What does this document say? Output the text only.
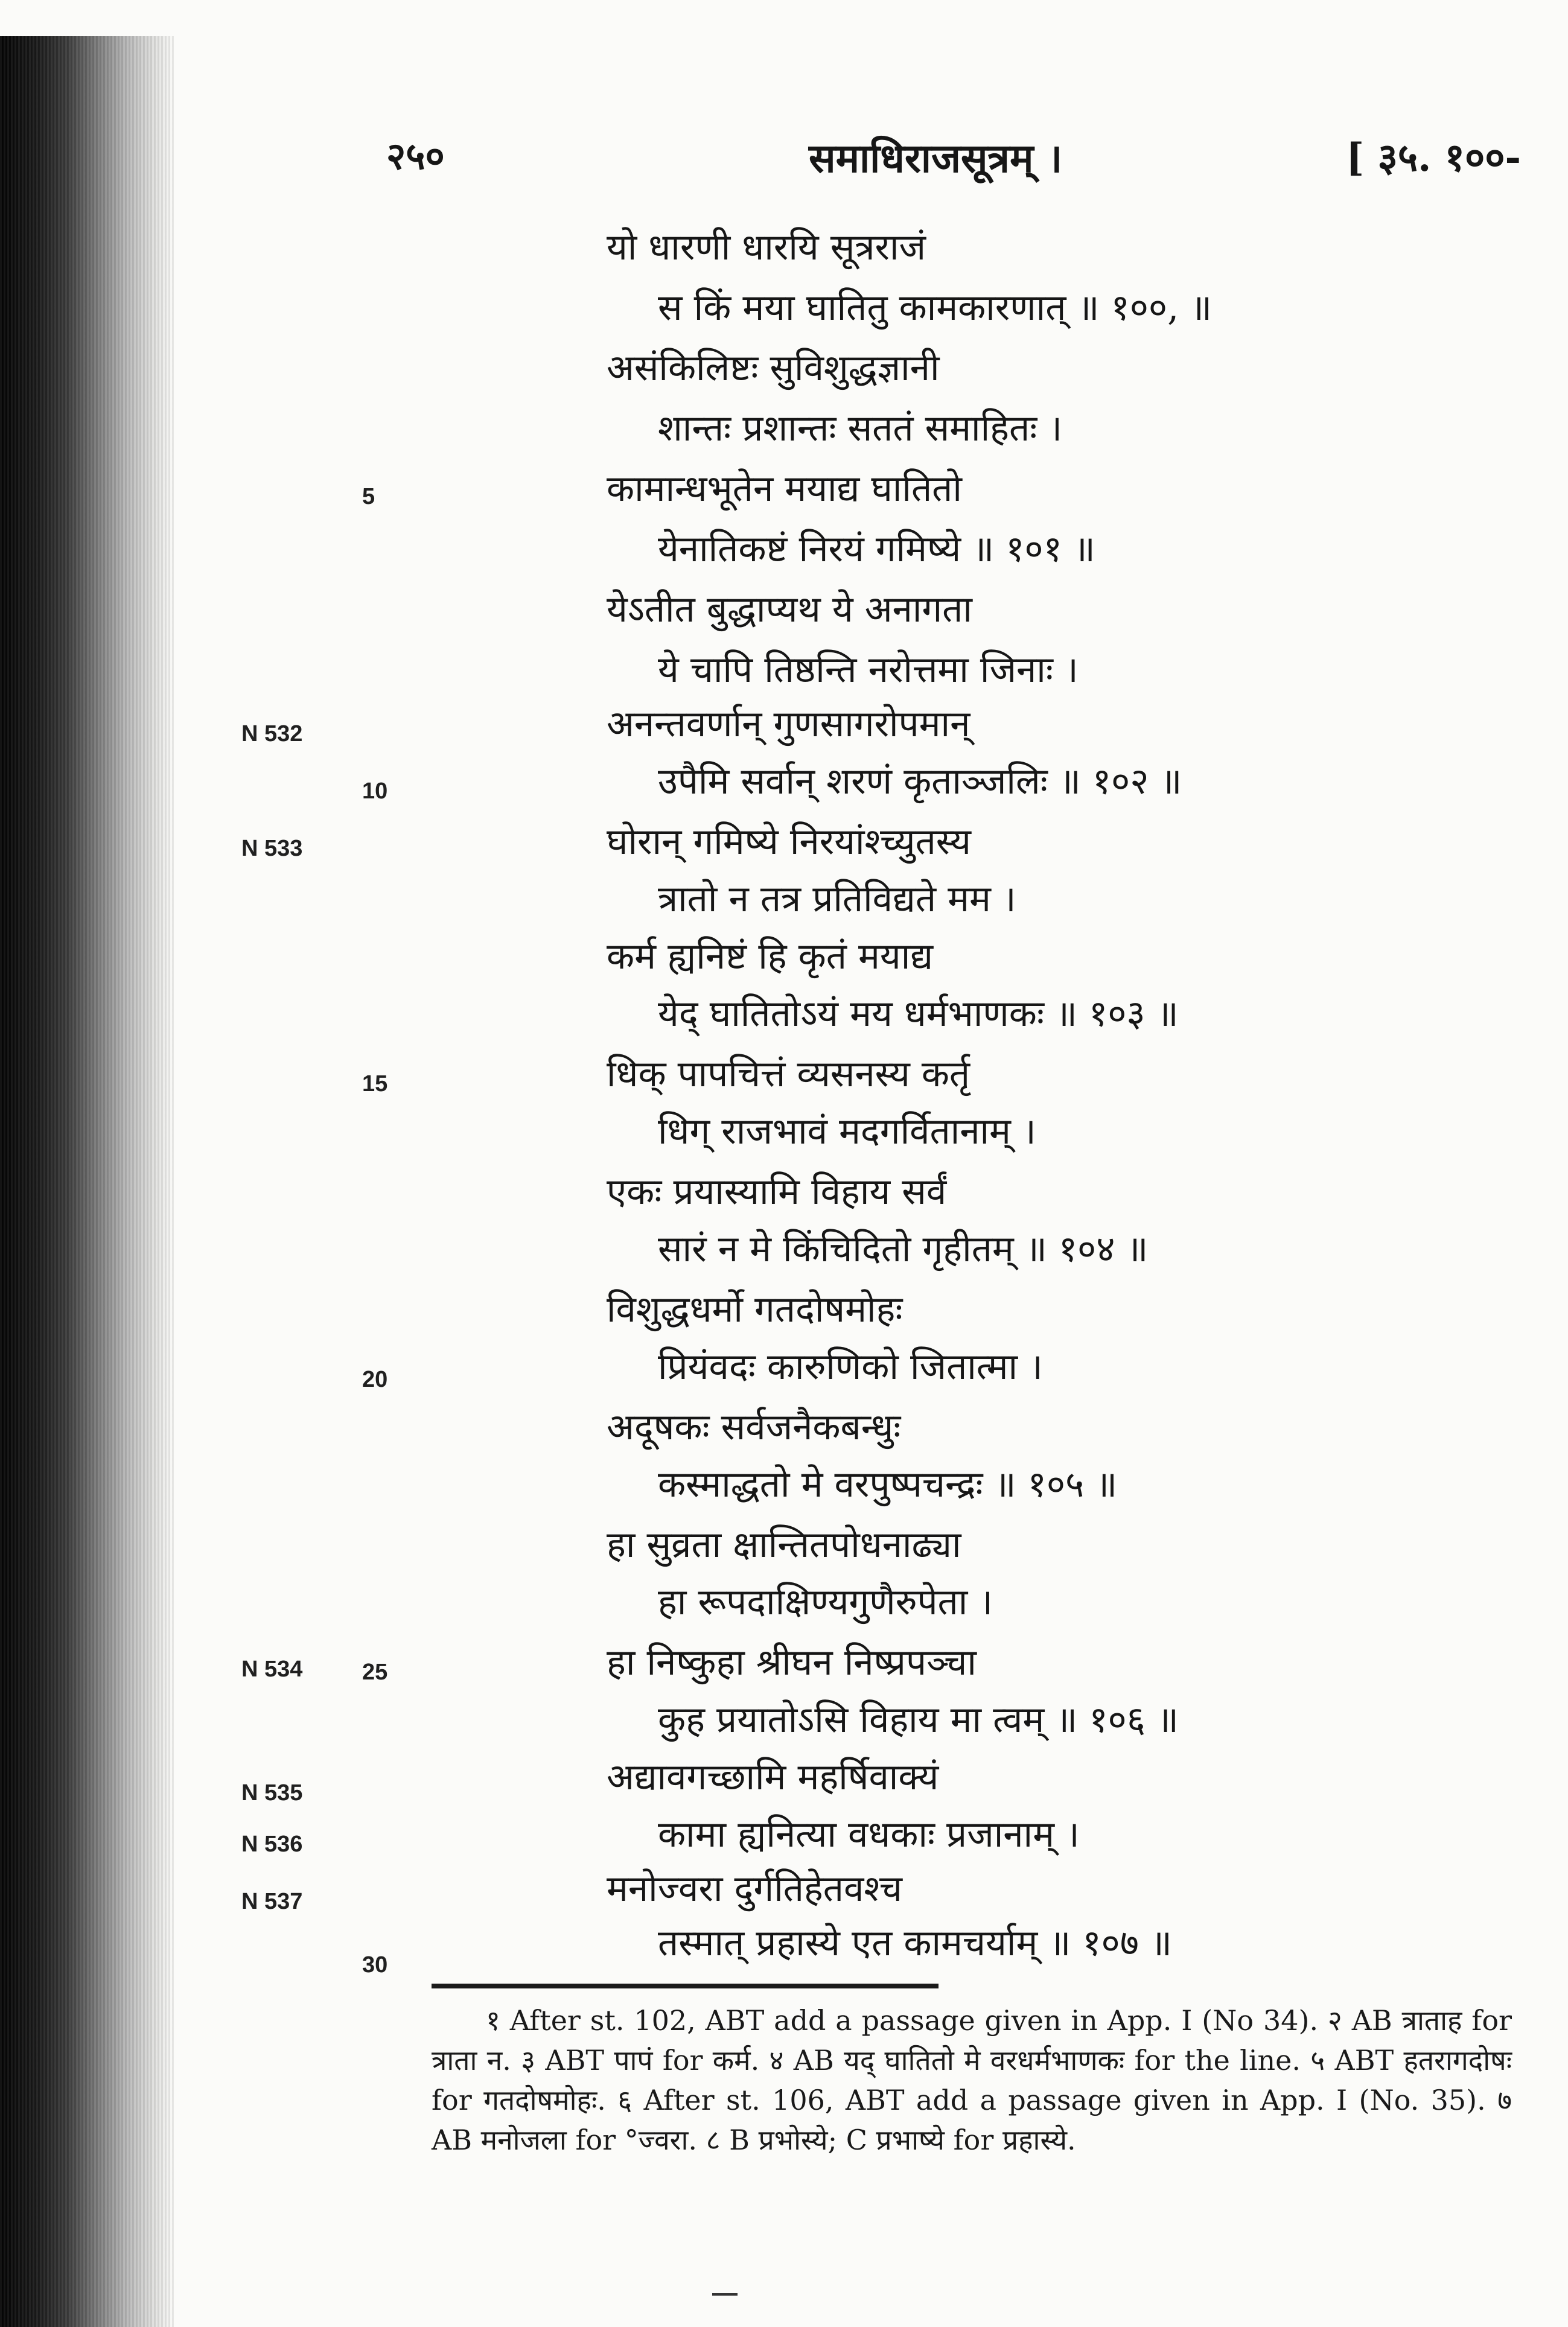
२५०	समाधिराजसूत्रम् ।	[ ३५. १००-
यो धारणी धारयि सूत्रराजं
स किं मया घातितु कामकारणात् ॥ १००, ॥
असंकिलिष्टः सुविशुद्धज्ञानी
शान्तः प्रशान्तः सततं समाहितः ।
कामान्धभूतेन मयाद्य घातितो
येनातिकष्टं निरयं गमिष्ये ॥ १०१ ॥
येऽतीत बुद्धाप्यथ ये अनागता
ये चापि तिष्ठन्ति नरोत्तमा जिनाः ।
अनन्तवर्णान् गुणसागरोपमान्
उपैमि सर्वान् शरणं कृताञ्जलिः ॥ १०२ ॥
घोरान् गमिष्ये निरयांश्च्युतस्य
त्रातो न तत्र प्रतिविद्यते मम ।
कर्म ह्यनिष्टं हि कृतं मयाद्य
येद् घातितोऽयं मय धर्मभाणकः ॥ १०३ ॥
धिक् पापचित्तं व्यसनस्य कर्तृ
धिग् राजभावं मदगर्वितानाम् ।
एकः प्रयास्यामि विहाय सर्वं
सारं न मे किंचिदितो गृहीतम् ॥ १०४ ॥
विशुद्धधर्मो गतदोषमोहः
प्रियंवदः कारुणिको जितात्मा ।
अदूषकः सर्वजनैकबन्धुः
कस्माद्धतो मे वरपुष्पचन्द्रः ॥ १०५ ॥
हा सुव्रता क्षान्तितपोधनाढ्या
हा रूपदाक्षिण्यगुणैरुपेता ।
हा निष्कुहा श्रीघन निष्प्रपञ्चा
कुह प्रयातोऽसि विहाय मा त्वम् ॥ १०६ ॥
अद्यावगच्छामि महर्षिवाक्यं
कामा ह्यनित्या वधकाः प्रजानाम् ।
मनोज्वरा दुर्गतिहेतवश्च
तस्मात् प्रहास्ये एत कामचर्याम् ॥ १०७ ॥
5
10
15
20
25
30
N 532
N 533
N 534
N 535
N 536
N 537

१ After st. 102, ABT add a passage given in App. I (No 34). २ AB त्राताह for त्राता न. ३ ABT पापं for कर्म. ४ AB यद् घातितो मे वरधर्मभाणकः for the line. ५ ABT हतरागदोषः for गतदोषमोहः. ६ After st. 106, ABT add a passage given in App. I (No. 35). ७ AB मनोजला for °ज्वरा. ८ B प्रभोस्ये; C प्रभाष्ये for प्रहास्ये.
